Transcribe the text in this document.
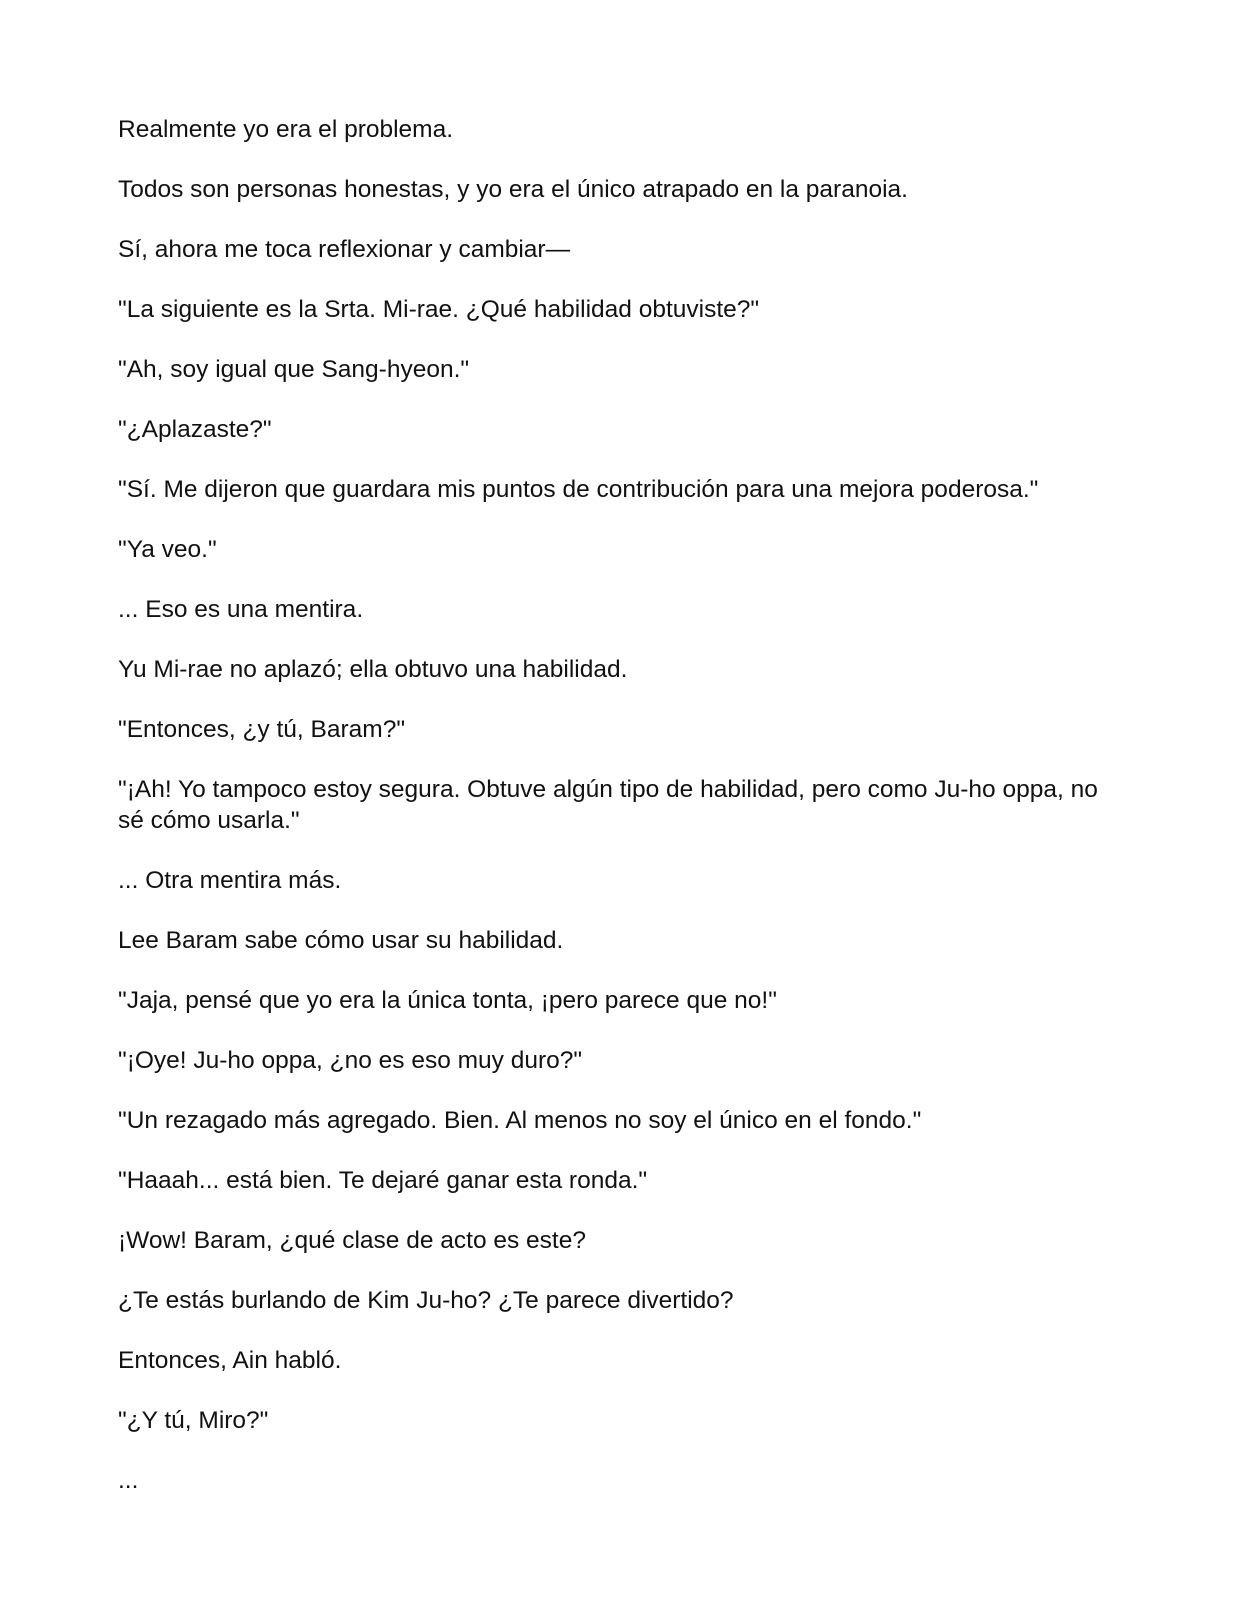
Realmente yo era el problema.

Todos son personas honestas, y yo era el único atrapado en la paranoia.

Sí, ahora me toca reflexionar y cambiar—

"La siguiente es la Srta. Mi-rae. ¿Qué habilidad obtuviste?"

"Ah, soy igual que Sang-hyeon."

"¿Aplazaste?"

"Sí. Me dijeron que guardara mis puntos de contribución para una mejora poderosa."

"Ya veo."

... Eso es una mentira.

Yu Mi-rae no aplazó; ella obtuvo una habilidad.

"Entonces, ¿y tú, Baram?"

"¡Ah! Yo tampoco estoy segura. Obtuve algún tipo de habilidad, pero como Ju-ho oppa, no sé cómo usarla."

... Otra mentira más.

Lee Baram sabe cómo usar su habilidad.

"Jaja, pensé que yo era la única tonta, ¡pero parece que no!"

"¡Oye! Ju-ho oppa, ¿no es eso muy duro?"

"Un rezagado más agregado. Bien. Al menos no soy el único en el fondo."

"Haaah... está bien. Te dejaré ganar esta ronda."

¡Wow! Baram, ¿qué clase de acto es este?

¿Te estás burlando de Kim Ju-ho? ¿Te parece divertido?

Entonces, Ain habló.

"¿Y tú, Miro?"

...
